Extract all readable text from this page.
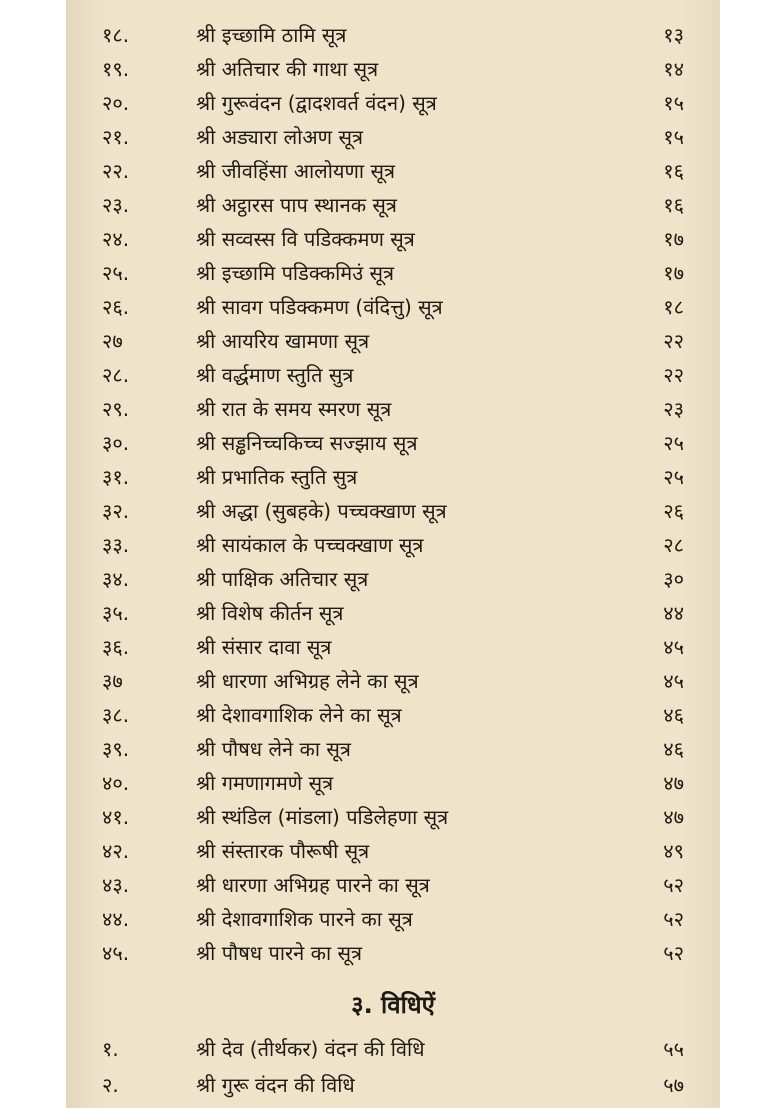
१८.	श्री इच्छामि ठामि सूत्र	१३
१९.	श्री अतिचार की गाथा सूत्र	१४
२०.	श्री गुरूवंदन (द्वादशवर्त वंदन) सूत्र	१५
२१.	श्री अड्यारा लोअण सूत्र	१५
२२.	श्री जीवहिंसा आलोयणा सूत्र	१६
२३.	श्री अट्ठारस पाप स्थानक सूत्र	१६
२४.	श्री सव्वस्स वि पडिक्कमण सूत्र	१७
२५.	श्री इच्छामि पडिक्कमिउं सूत्र	१७
२६.	श्री सावग पडिक्कमण (वंदित्तु) सूत्र	१८
२७	श्री आयरिय खामणा सूत्र	२२
२८.	श्री वर्द्धमाण स्तुति सुत्र	२२
२९.	श्री रात के समय स्मरण सूत्र	२३
३०.	श्री सड्ढनिच्चकिच्च सज्झाय सूत्र	२५
३१.	श्री प्रभातिक स्तुति सुत्र	२५
३२.	श्री अद्धा (सुबहके) पच्चक्खाण सूत्र	२६
३३.	श्री सायंकाल के पच्चक्खाण सूत्र	२८
३४.	श्री पाक्षिक अतिचार सूत्र	३०
३५.	श्री विशेष कीर्तन सूत्र	४४
३६.	श्री संसार दावा सूत्र	४५
३७	श्री धारणा अभिग्रह लेने का सूत्र	४५
३८.	श्री देशावगाशिक लेने का सूत्र	४६
३९.	श्री पौषध लेने का सूत्र	४६
४०.	श्री गमणागमणे सूत्र	४७
४१.	श्री स्थंडिल (मांडला) पडिलेहणा सूत्र	४७
४२.	श्री संस्तारक पौरूषी सूत्र	४९
४३.	श्री धारणा अभिग्रह पारने का सूत्र	५२
४४.	श्री देशावगाशिक पारने का सूत्र	५२
४५.	श्री पौषध पारने का सूत्र	५२
१.	श्री देव (तीर्थकर) वंदन की विधि	५५
२.	श्री गुरू वंदन की विधि	५७
३. विधिऐं
